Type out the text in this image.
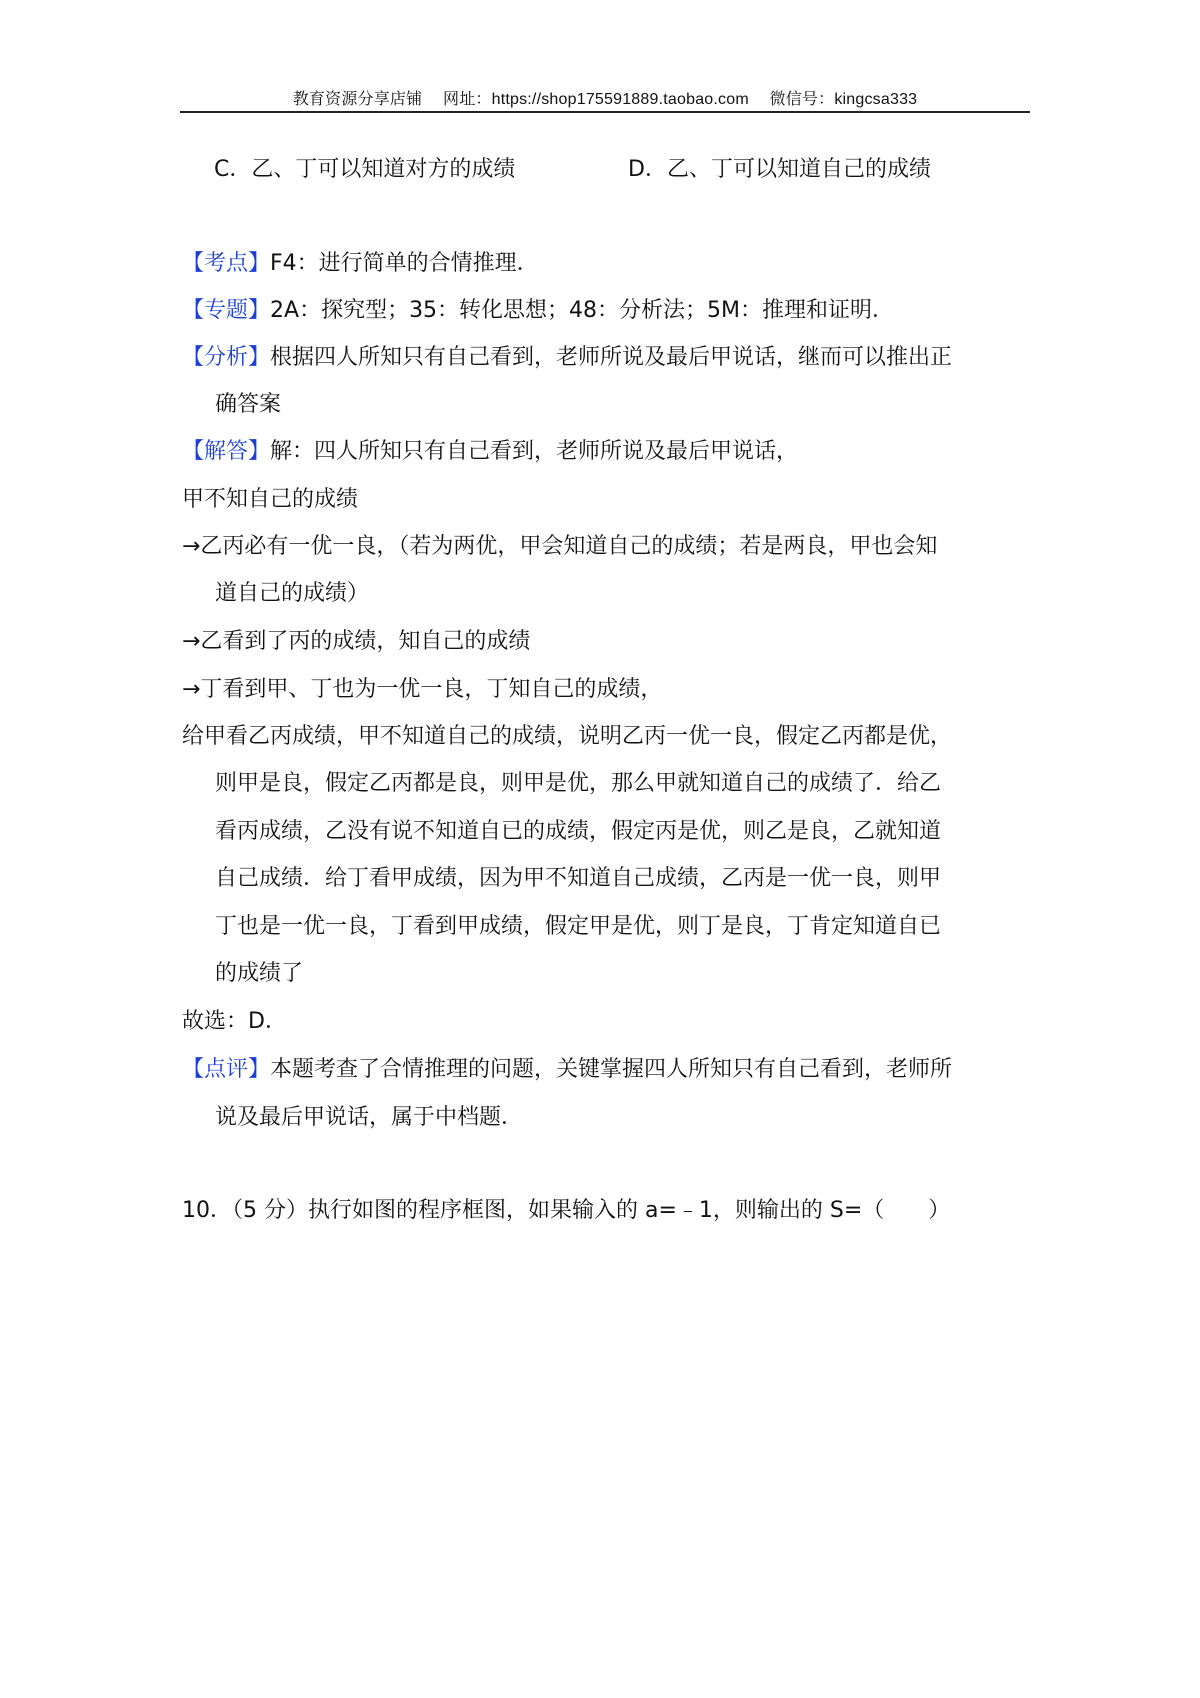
教育资源分享店铺 网址：https://shop175591889.taobao.com 微信号：kingcsa333
C．乙、丁可以知道对方的成绩	D．乙、丁可以知道自己的成绩
【考点】F4：进行简单的合情推理．
【专题】2A：探究型；35：转化思想；48：分析法；5M：推理和证明．
【分析】根据四人所知只有自己看到，老师所说及最后甲说话，继而可以推出正
确答案
【解答】解：四人所知只有自己看到，老师所说及最后甲说话，
甲不知自己的成绩
→乙丙必有一优一良，（若为两优，甲会知道自己的成绩；若是两良，甲也会知
道自己的成绩）
→乙看到了丙的成绩，知自己的成绩
→丁看到甲、丁也为一优一良，丁知自己的成绩，
给甲看乙丙成绩，甲不知道自己的成绩，说明乙丙一优一良，假定乙丙都是优，
则甲是良，假定乙丙都是良，则甲是优，那么甲就知道自己的成绩了．给乙
看丙成绩，乙没有说不知道自已的成绩，假定丙是优，则乙是良，乙就知道
自己成绩．给丁看甲成绩，因为甲不知道自己成绩，乙丙是一优一良，则甲
丁也是一优一良，丁看到甲成绩，假定甲是优，则丁是良，丁肯定知道自已
的成绩了
故选：D．
【点评】本题考查了合情推理的问题，关键掌握四人所知只有自己看到，老师所
说及最后甲说话，属于中档题．
10．（5 分）执行如图的程序框图，如果输入的 a=﹣1，则输出的 S=（　　）
